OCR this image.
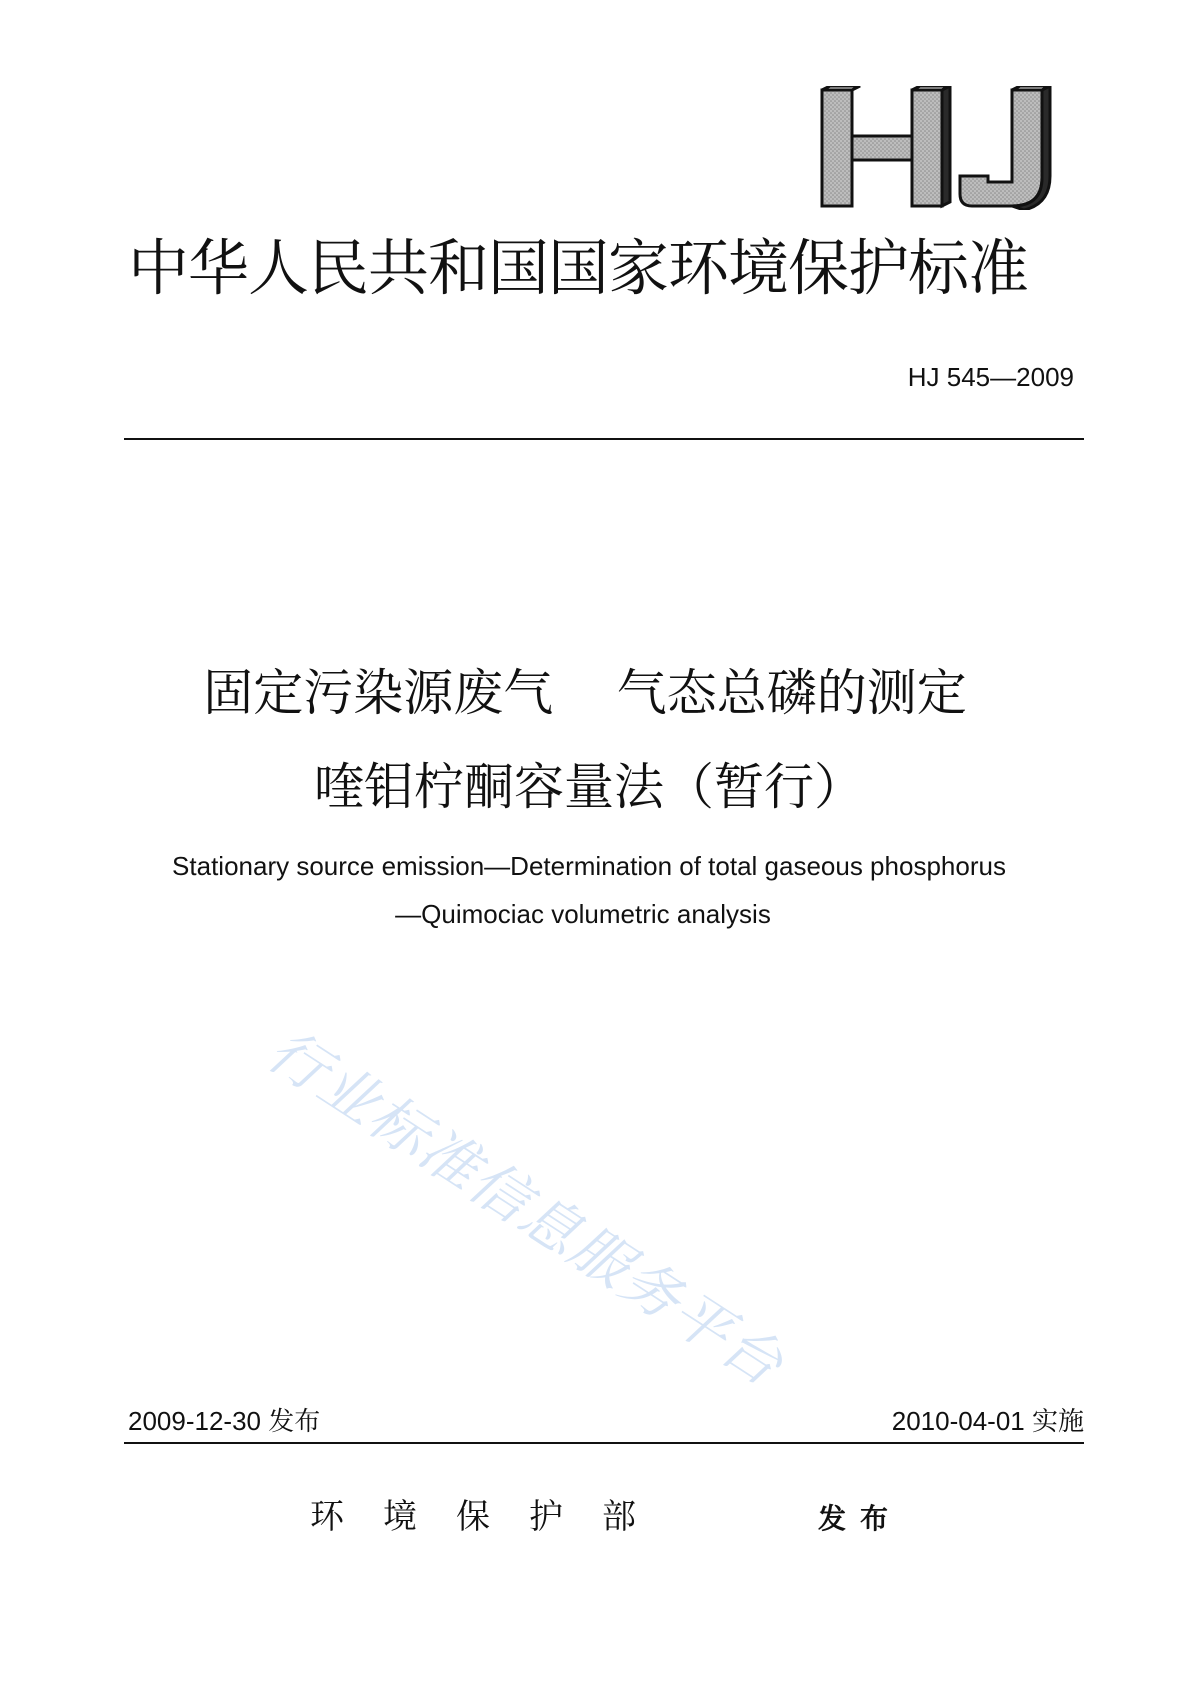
HJ
中华人民共和国国家环境保护标准
HJ 545—2009
固定污染源废气    气态总磷的测定
喹钼柠酮容量法（暂行）
Stationary source emission—Determination of total gaseous phosphorus
—Quimociac volumetric analysis
行业标准信息服务平台
2009-12-30 发布	2010-04-01 实施
环境保护部	发布
